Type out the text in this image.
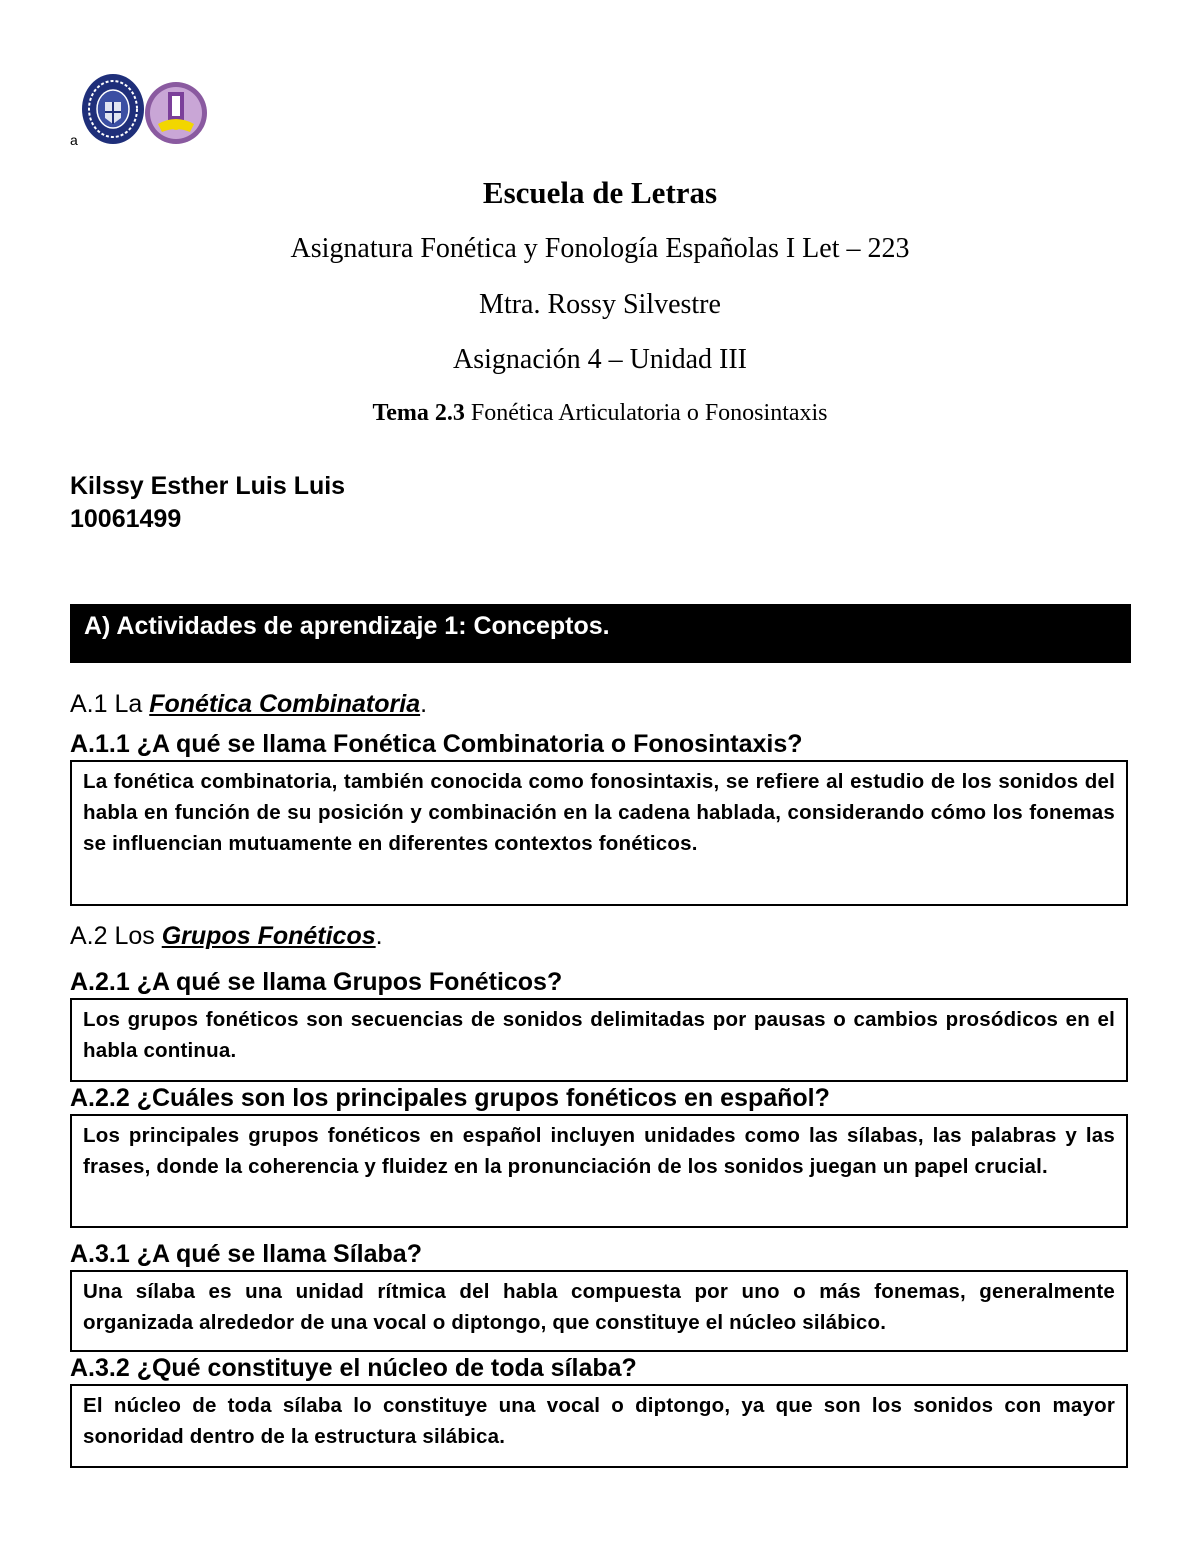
a
Escuela de Letras
Asignatura Fonética y Fonología Españolas I Let – 223
Mtra. Rossy Silvestre
Asignación 4 – Unidad III
Tema 2.3 Fonética Articulatoria o Fonosintaxis
Kilssy Esther Luis Luis
10061499
A) Actividades de aprendizaje 1: Conceptos.
A.1 La Fonética Combinatoria.
A.1.1 ¿A qué se llama Fonética Combinatoria o Fonosintaxis?

La fonética combinatoria, también conocida como fonosintaxis, se refiere al estudio de los sonidos del habla en función de su posición y combinación en la cadena hablada, considerando cómo los fonemas se influencian mutuamente en diferentes contextos fonéticos.

A.2 Los Grupos Fonéticos.
A.2.1 ¿A qué se llama Grupos Fonéticos?

Los grupos fonéticos son secuencias de sonidos delimitadas por pausas o cambios prosódicos en el habla continua.

A.2.2 ¿Cuáles son los principales grupos fonéticos en español?

Los principales grupos fonéticos en español incluyen unidades como las sílabas, las palabras y las frases, donde la coherencia y fluidez en la pronunciación de los sonidos juegan un papel crucial.

A.3.1 ¿A qué se llama Sílaba?

Una sílaba es una unidad rítmica del habla compuesta por uno o más fonemas, generalmente organizada alrededor de una vocal o diptongo, que constituye el núcleo silábico.

A.3.2 ¿Qué constituye el núcleo de toda sílaba?

El núcleo de toda sílaba lo constituye una vocal o diptongo, ya que son los sonidos con mayor sonoridad dentro de la estructura silábica.
